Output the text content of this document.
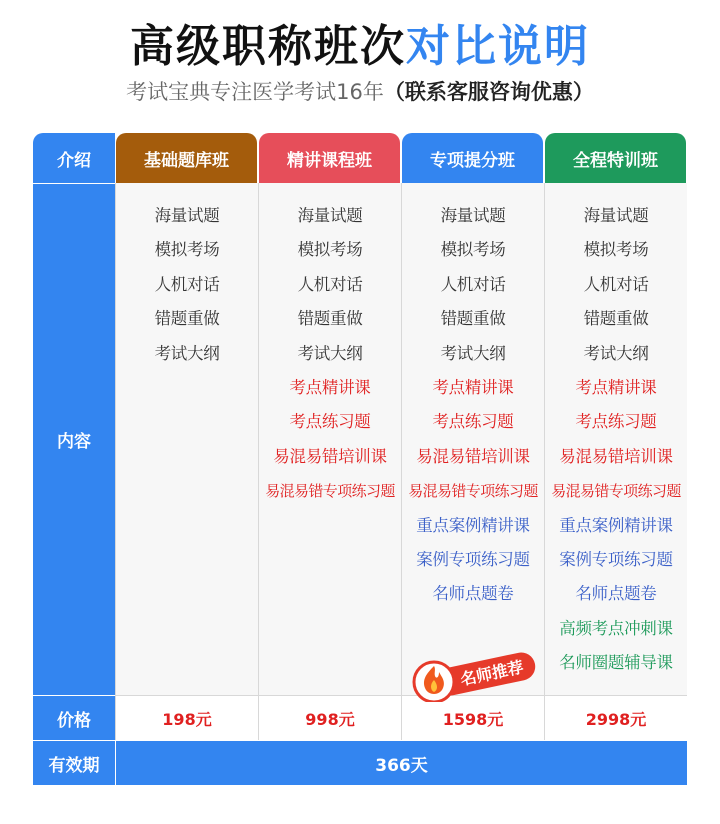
高级职称班次对比说明
考试宝典专注医学考试16年（联系客服咨询优惠）
介绍
内容
价格
有效期
基础题库班
海量试题
模拟考场
人机对话
错题重做
考试大纲
198元
精讲课程班
海量试题
模拟考场
人机对话
错题重做
考试大纲
考点精讲课
考点练习题
易混易错培训课
易混易错专项练习题
998元
专项提分班
海量试题
模拟考场
人机对话
错题重做
考试大纲
考点精讲课
考点练习题
易混易错培训课
易混易错专项练习题
重点案例精讲课
案例专项练习题
名师点题卷
1598元
全程特训班
海量试题
模拟考场
人机对话
错题重做
考试大纲
考点精讲课
考点练习题
易混易错培训课
易混易错专项练习题
重点案例精讲课
案例专项练习题
名师点题卷
高频考点冲刺课
名师圈题辅导课
2998元
366天
名师推荐
